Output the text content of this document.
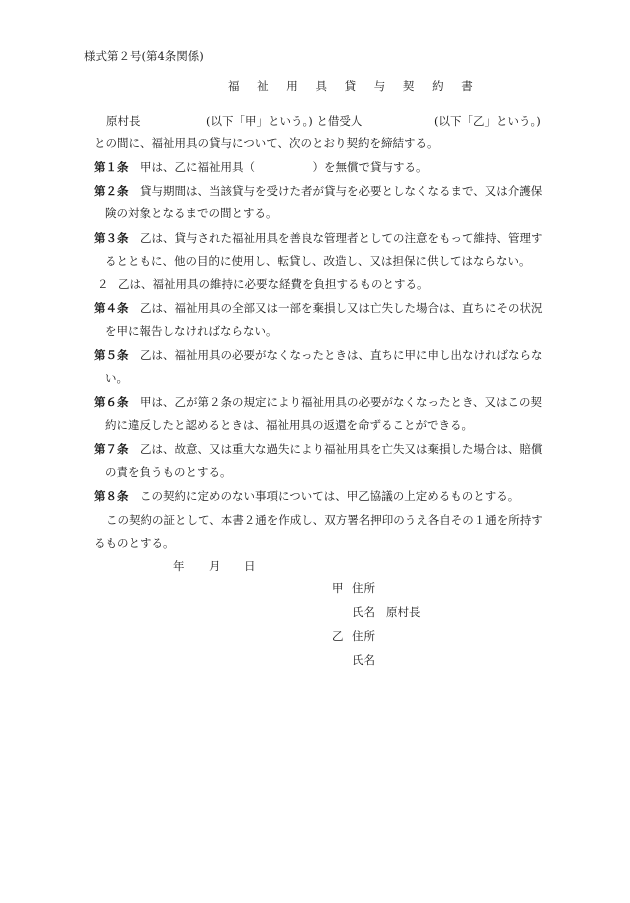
様式第２号(第4条関係)
福 祉 用 具 貸 与 契 約 書
原村長	(以下「甲」という。) と借受人	(以下「乙」という。)
との間に、福祉用具の貸与について、次のとおり契約を締結する。
第１条 甲は、乙に福祉用具（　　　　　）を無償で貸与する。
第２条 貸与期間は、当該貸与を受けた者が貸与を必要としなくなるまで、又は介護保
険の対象となるまでの間とする。
第３条 乙は、貸与された福祉用具を善良な管理者としての注意をもって維持、管理す
るとともに、他の目的に使用し、転貸し、改造し、又は担保に供してはならない。
２ 乙は、福祉用具の維持に必要な経費を負担するものとする。
第４条 乙は、福祉用具の全部又は一部を棄損し又は亡失した場合は、直ちにその状況
を甲に報告しなければならない。
第５条 乙は、福祉用具の必要がなくなったときは、直ちに甲に申し出なければならな
い。
第６条 甲は、乙が第２条の規定により福祉用具の必要がなくなったとき、又はこの契
約に違反したと認めるときは、福祉用具の返還を命ずることができる。
第７条 乙は、故意、又は重大な過失により福祉用具を亡失又は棄損した場合は、賠償
の責を負うものとする。
第８条 この契約に定めのない事項については、甲乙協議の上定めるものとする。
この契約の証として、本書２通を作成し、双方署名押印のうえ各自その１通を所持す
るものとする。
年 月 日
甲 住所
氏名 原村長
乙 住所
氏名
